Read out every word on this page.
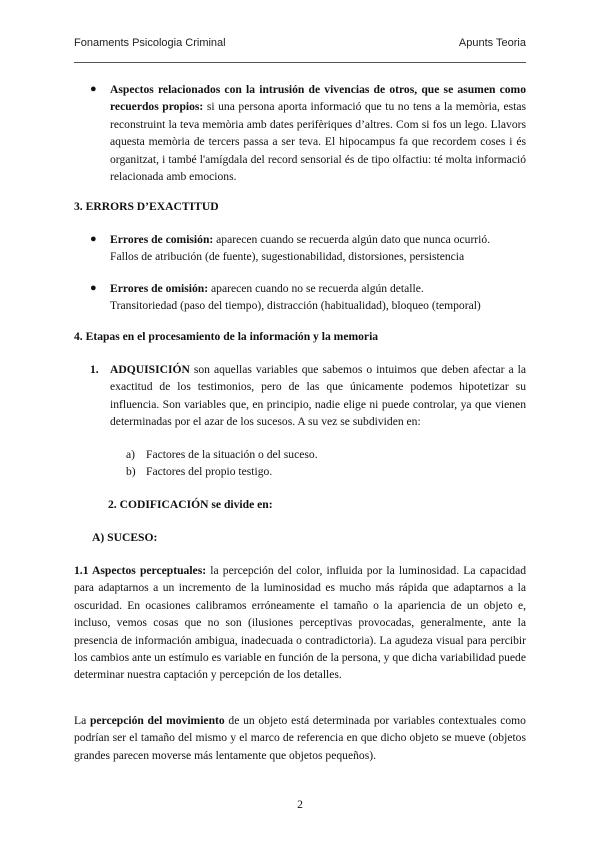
Fonaments Psicologia Criminal	Apunts Teoria
● Aspectos relacionados con la intrusión de vivencias de otros, que se asumen como recuerdos propios: si una persona aporta informació que tu no tens a la memòria, estas reconstruint la teva memòria amb dates perifèriques d’altres. Com si fos un lego. Llavors aquesta memòria de tercers passa a ser teva. El hipocampus fa que recordem coses i és organitzat, i també l'amígdala del record sensorial és de tipo olfactiu: té molta informació relacionada amb emocions.

3. ERRORS D’EXACTITUD
● Errores de comisión: aparecen cuando se recuerda algún dato que nunca ocurrió.
Fallos de atribución (de fuente), sugestionabilidad, distorsiones, persistencia

● Errores de omisión: aparecen cuando no se recuerda algún detalle.
Transitoriedad (paso del tiempo), distracción (habitualidad), bloqueo (temporal)

4. Etapas en el procesamiento de la información y la memoria
1. ADQUISICIÓN son aquellas variables que sabemos o intuimos que deben afectar a la exactitud de los testimonios, pero de las que únicamente podemos hipotetizar su influencia. Son variables que, en principio, nadie elige ni puede controlar, ya que vienen determinadas por el azar de los sucesos. A su vez se subdividen en:

a) Factores de la situación o del suceso.
b) Factores del propio testigo.
2. CODIFICACIÓN se divide en:
A) SUCESO:

1.1 Aspectos perceptuales: la percepción del color, influida por la luminosidad. La capacidad para adaptarnos a un incremento de la luminosidad es mucho más rápida que adaptarnos a la oscuridad. En ocasiones calibramos erróneamente el tamaño o la apariencia de un objeto e, incluso, vemos cosas que no son (ilusiones perceptivas provocadas, generalmente, ante la presencia de información ambigua, inadecuada o contradictoria). La agudeza visual para percibir los cambios ante un estímulo es variable en función de la persona, y que dicha variabilidad puede determinar nuestra captación y percepción de los detalles.

La percepción del movimiento de un objeto está determinada por variables contextuales como podrían ser el tamaño del mismo y el marco de referencia en que dicho objeto se mueve (objetos grandes parecen moverse más lentamente que objetos pequeños).

2
